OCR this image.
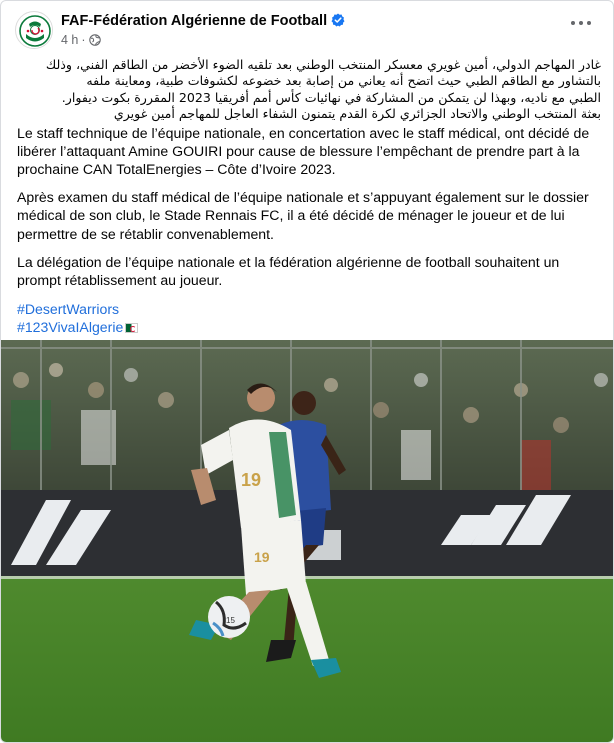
FAF-Fédération Algérienne de Football
4 h ·

غادر المهاجم الدولي، أمين غويري معسكر المنتخب الوطني بعد تلقيه الضوء الأخضر من الطاقم الفني، وذلك

بالتشاور مع الطاقم الطبي حيث اتضح أنه يعاني من إصابة بعد خضوعه لكشوفات طبية، ومعاينة ملفه

الطبي مع ناديه، وبهذا لن يتمكن من المشاركة في نهائيات كأس أمم أفريقيا 2023 المقررة بكوت ديفوار.

بعثة المنتخب الوطني والاتحاد الجزائري لكرة القدم يتمنون الشفاء العاجل للمهاجم أمين غويري

Le staff technique de l’équipe nationale, en concertation avec le staff médical, ont décidé de libérer l’attaquant Amine GOUIRI pour cause de blessure l’empêchant de prendre part à la prochaine CAN TotalEnergies – Côte d’Ivoire 2023.

Après examen du staff médical de l’équipe nationale et s’appuyant également sur le dossier médical de son club, le Stade Rennais FC, il a été décidé de ménager le joueur et de lui permettre de se rétablir convenablement.

La délégation de l’équipe nationale et la fédération algérienne de football souhaitent un prompt rétablissement au joueur.

#DesertWarriors
#123VivaIAlgerie
19
19
15
